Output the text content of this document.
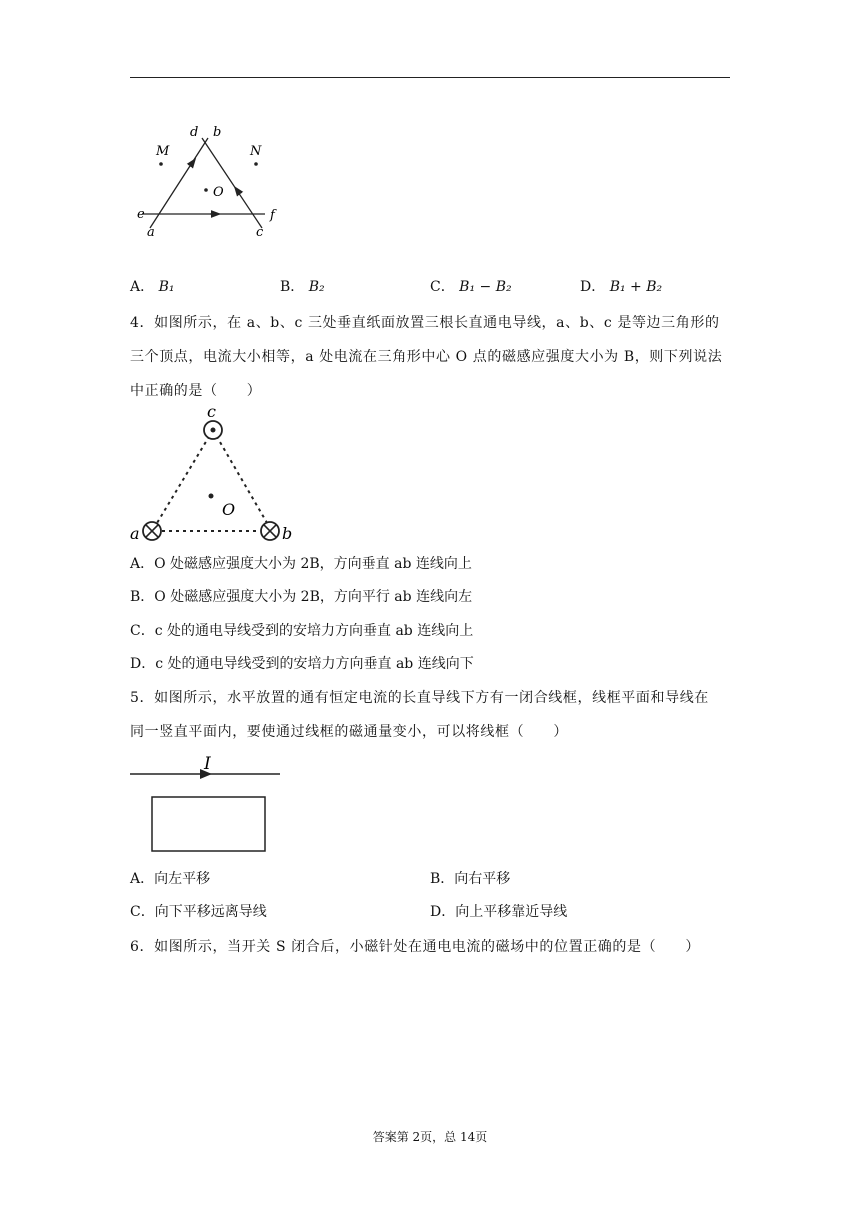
d b
M	N
O
e	f
a	c
A． B₁	B． B₂	C． B₁ − B₂	D． B₁ + B₂
4．如图所示，在 a、b、c 三处垂直纸面放置三根长直通电导线，a、b、c 是等边三角形的
三个顶点，电流大小相等，a 处电流在三角形中心 O 点的磁感应强度大小为 B，则下列说法
中正确的是（　　）
c
O
a	b
A．O 处磁感应强度大小为 2B，方向垂直 ab 连线向上
B．O 处磁感应强度大小为 2B，方向平行 ab 连线向左
C．c 处的通电导线受到的安培力方向垂直 ab 连线向上
D．c 处的通电导线受到的安培力方向垂直 ab 连线向下
5．如图所示，水平放置的通有恒定电流的长直导线下方有一闭合线框，线框平面和导线在
同一竖直平面内，要使通过线框的磁通量变小，可以将线框（　　）
I
A．向左平移	B．向右平移
C．向下平移远离导线	D．向上平移靠近导线
6．如图所示，当开关 S 闭合后，小磁针处在通电电流的磁场中的位置正确的是（　　）
答案第 2页，总 14页
